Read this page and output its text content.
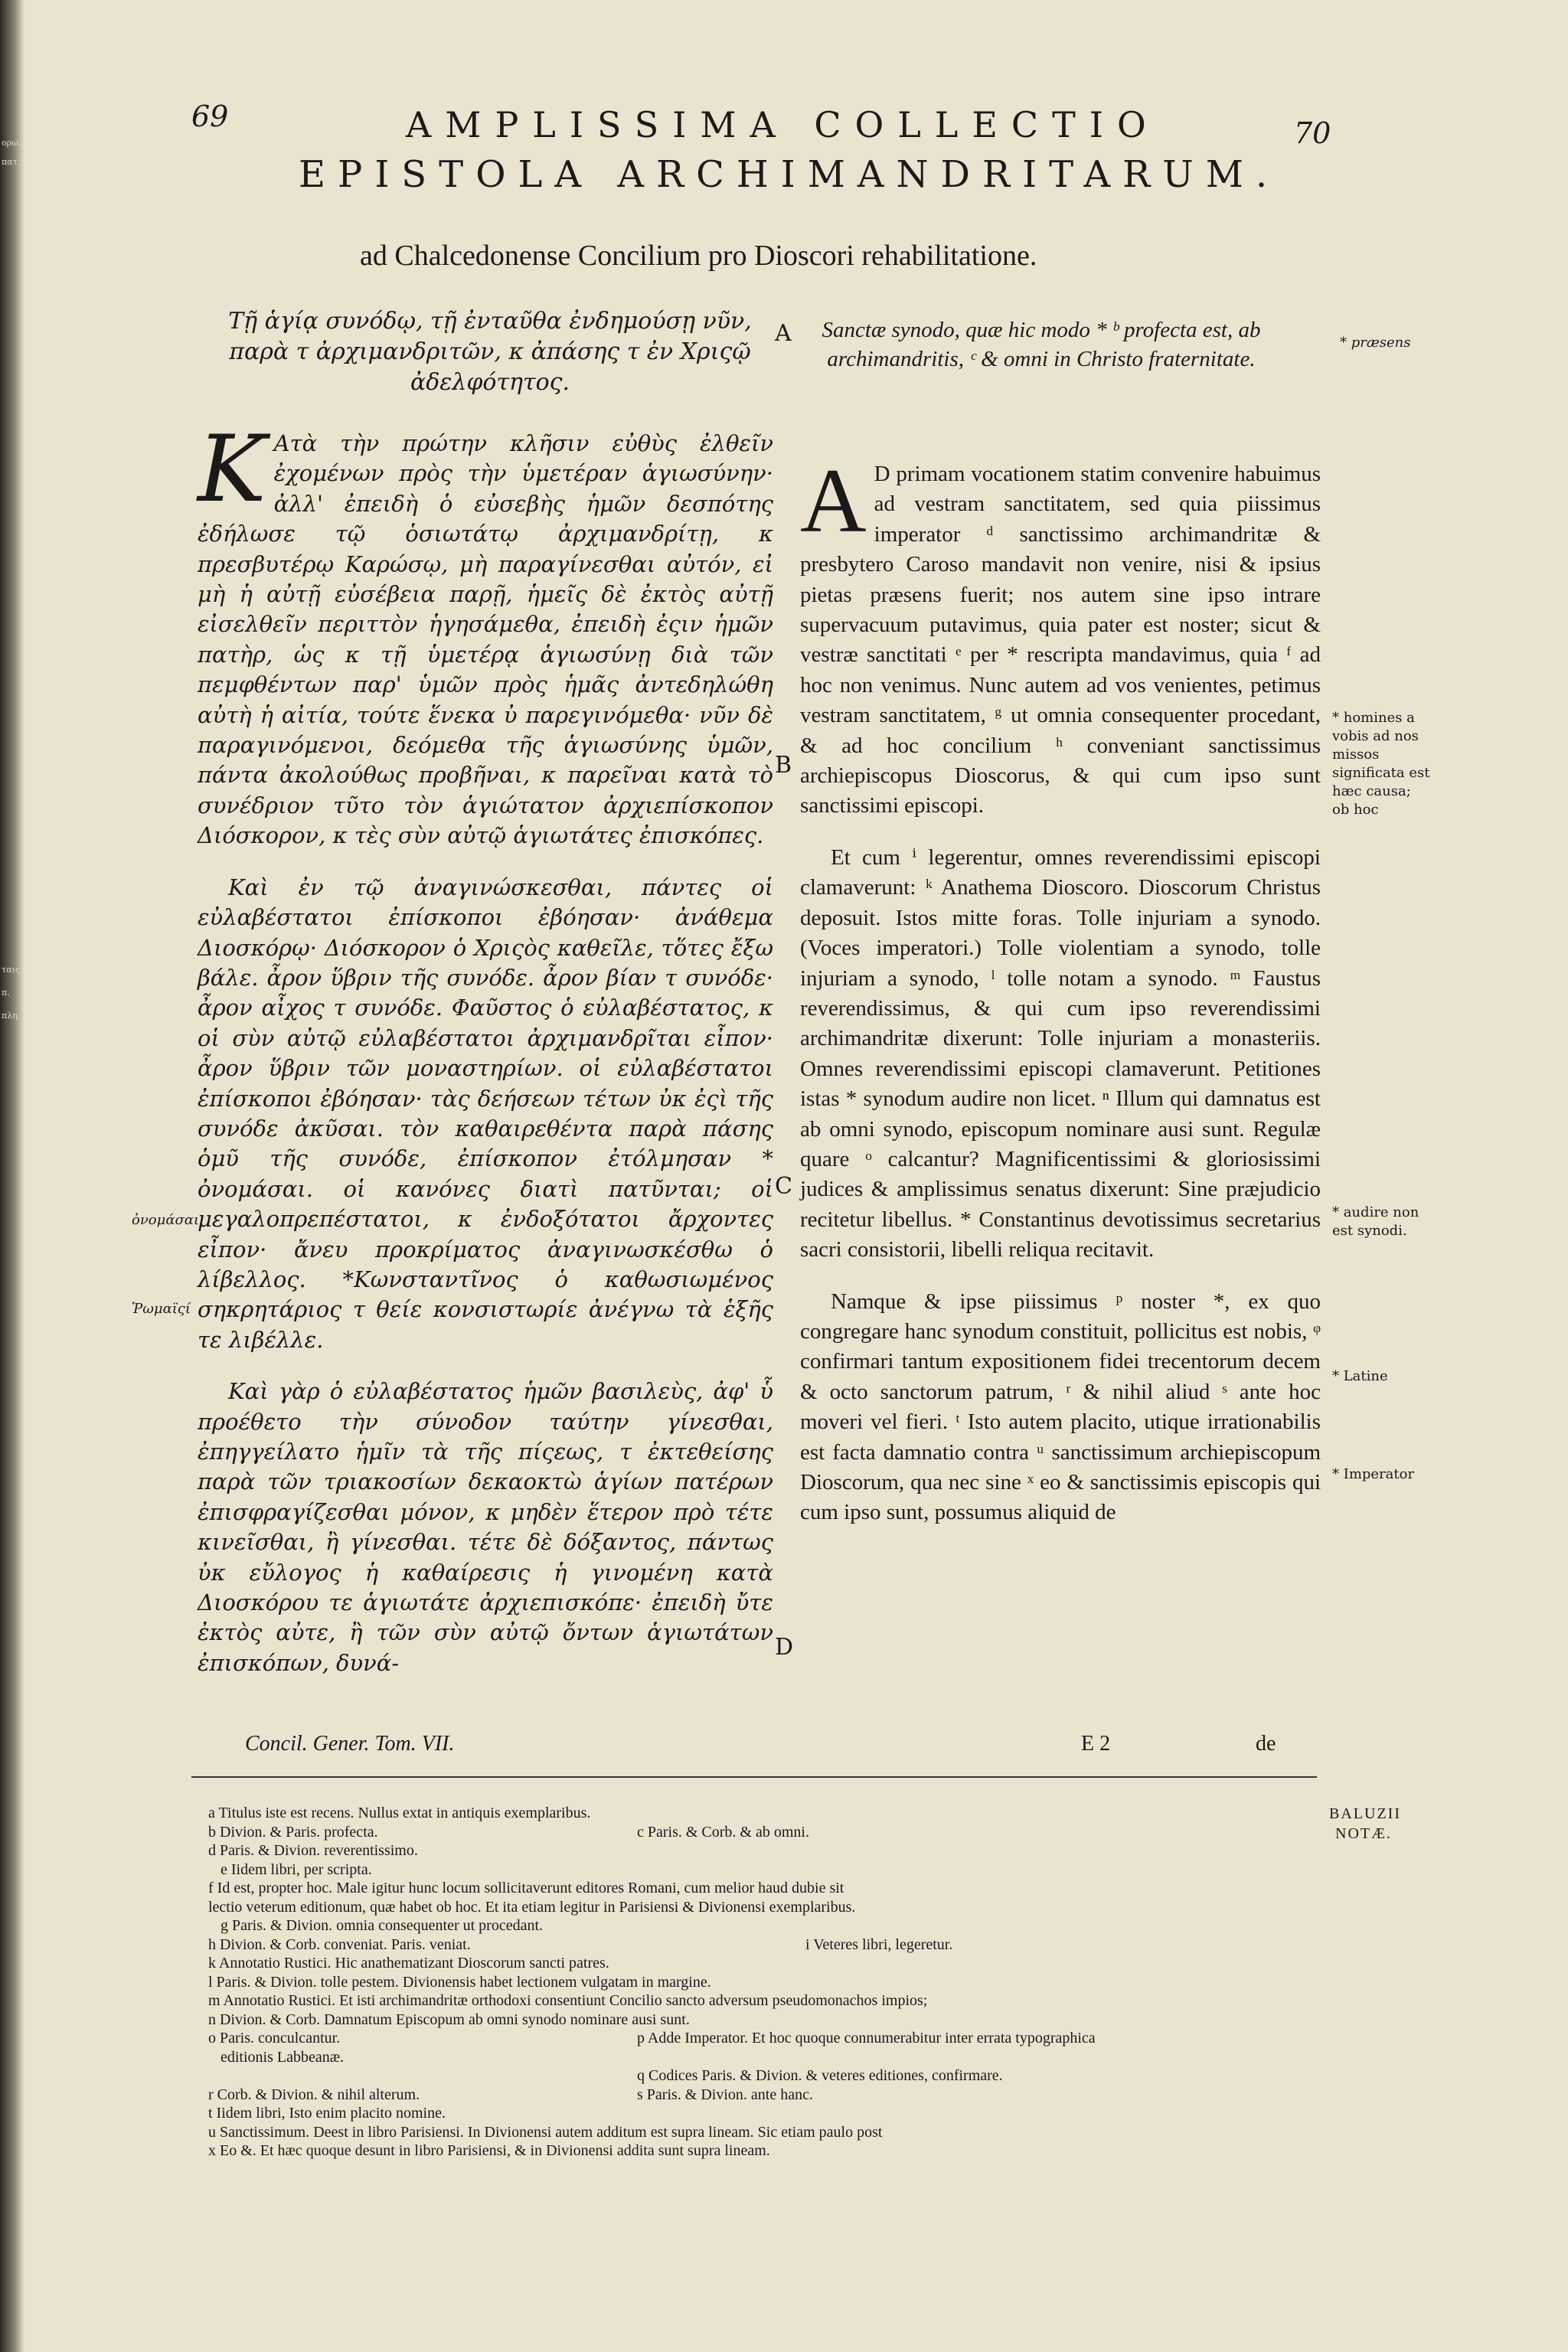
ορω.
πατ.]
ταις
π.
πλη.
69	AMPLISSIMA COLLECTIO	70
EPISTOLA ARCHIMANDRITARUM.
ad Chalcedonense Concilium pro Dioscori rehabilitatione.
Τῇ ἁγίᾳ συνόδῳ, τῇ ἐνταῦθα ἐνδημούσῃ νῦν, παρὰ τ ἀρχιμανδριτῶν, κ ἀπάσης τ ἐν Χριςῷ ἀδελφότητος.
A	Sanctæ synodo, quæ hic modo * ᵇ profecta est, ab archimandritis, ᶜ & omni in Christo fraternitate.
* præsens

K Ατὰ τὴν πρώτην κλῆσιν εὐθὺς ἐλθεῖν ἐχομένων πρὸς τὴν ὑμετέραν ἁγιωσύνην· ἀλλ' ἐπειδὴ ὁ εὐσεβὴς ἡμῶν δεσπότης ἐδήλωσε τῷ ὁσιωτάτῳ ἀρχιμανδρίτῃ, κ πρεσβυτέρῳ Καρώσῳ, μὴ παραγίνεσθαι αὐτόν, εἰ μὴ ἡ αὐτῇ εὐσέβεια παρῇ, ἡμεῖς δὲ ἐκτὸς αὐτῇ εἰσελθεῖν περιττὸν ἡγησάμεθα, ἐπειδὴ ἐςιν ἡμῶν πατὴρ, ὡς κ τῇ ὑμετέρᾳ ἁγιωσύνῃ διὰ τῶν πεμφθέντων παρ' ὑμῶν πρὸς ἡμᾶς ἀντεδηλώθη αὐτὴ ἡ αἰτία, τούτε ἕνεκα ὐ παρεγινόμεθα· νῦν δὲ παραγινόμενοι, δεόμεθα τῆς ἁγιωσύνης ὑμῶν, πάντα ἀκολούθως προβῆναι, κ παρεῖναι κατὰ τὸ συνέδριον τῦτο τὸν ἁγιώτατον ἀρχιεπίσκοπον Διόσκορον, κ τὲς σὺν αὐτῷ ἁγιωτάτες ἐπισκόπες.

Καὶ ἐν τῷ ἀναγινώσκεσθαι, πάντες οἱ εὐλαβέστατοι ἐπίσκοποι ἐβόησαν· ἀνάθεμα Διοσκόρῳ· Διόσκορον ὁ Χριςὸς καθεῖλε, τὅτες ἔξω βάλε. ἆρον ὕβριν τῆς συνόδε. ἆρον βίαν τ συνόδε· ἆρον αἶχος τ συνόδε. Φαῦστος ὁ εὐλαβέστατος, κ οἱ σὺν αὐτῷ εὐλαβέστατοι ἀρχιμανδρῖται εἶπον· ἆρον ὕβριν τῶν μοναστηρίων. οἱ εὐλαβέστατοι ἐπίσκοποι ἐβόησαν· τὰς δεήσεων τέτων ὐκ ἐςὶ τῆς συνόδε ἀκῦσαι. τὸν καθαιρεθέντα παρὰ πάσης ὁμῦ τῆς συνόδε, ἐπίσκοπον ἐτόλμησαν * ὀνομάσαι. οἱ κανόνες διατὶ πατῦνται; οἱ μεγαλοπρεπέστατοι, κ ἐνδοξότατοι ἄρχοντες εἶπον· ἄνευ προκρίματος ἀναγινωσκέσθω ὁ λίβελλος. *Κωνσταντῖνος ὁ καθωσιωμένος σηκρητάριος τ θείε κονσιστωρίε ἀνέγνω τὰ ἑξῆς τε λιβέλλε.

Καὶ γὰρ ὁ εὐλαβέστατος ἡμῶν βασιλεὺς, ἀφ' ὗ προέθετο τὴν σύνοδον ταύτην γίνεσθαι, ἐπηγγείλατο ἡμῖν τὰ τῆς πίςεως, τ ἐκτεθείσης παρὰ τῶν τριακοσίων δεκαοκτὼ ἁγίων πατέρων ἐπισφραγίζεσθαι μόνον, κ μηδὲν ἕτερον πρὸ τέτε κινεῖσθαι, ἢ γίνεσθαι. τέτε δὲ δόξαντος, πάντως ὐκ εὔλογος ἡ καθαίρεσις ἡ γινομένη κατὰ Διοσκόρου τε ἁγιωτάτε ἀρχιεπισκόπε· ἐπειδὴ ὔτε ἐκτὸς αὐτε, ἢ τῶν σὺν αὐτῷ ὄντων ἁγιωτάτων ἐπισκόπων, δυνά-

B
C
D

A D primam vocationem statim convenire habuimus ad vestram sanctitatem, sed quia piissimus imperator ᵈ sanctissimo archimandritæ & presbytero Caroso mandavit non venire, nisi & ipsius pietas præsens fuerit; nos autem sine ipso intrare supervacuum putavimus, quia pater est noster; sicut & vestræ sanctitati ᵉ per * rescripta mandavimus, quia ᶠ ad hoc non venimus. Nunc autem ad vos venientes, petimus vestram sanctitatem, ᵍ ut omnia consequenter procedant, & ad hoc concilium ʰ conveniant sanctissimus archiepiscopus Dioscorus, & qui cum ipso sunt sanctissimi episcopi.

Et cum ⁱ legerentur, omnes reverendissimi episcopi clamaverunt: ᵏ Anathema Dioscoro. Dioscorum Christus deposuit. Istos mitte foras. Tolle injuriam a synodo. (Voces imperatori.) Tolle violentiam a synodo, tolle injuriam a synodo, ˡ tolle notam a synodo. ᵐ Faustus reverendissimus, & qui cum ipso reverendissimi archimandritæ dixerunt: Tolle injuriam a monasteriis. Omnes reverendissimi episcopi clamaverunt. Petitiones istas * synodum audire non licet. ⁿ Illum qui damnatus est ab omni synodo, episcopum nominare ausi sunt. Regulæ quare ᵒ calcantur? Magnificentissimi & gloriosissimi judices & amplissimus senatus dixerunt: Sine præjudicio recitetur libellus. * Constantinus devotissimus secretarius sacri consistorii, libelli reliqua recitavit.

Namque & ipse piissimus ᵖ noster *, ex quo congregare hanc synodum constituit, pollicitus est nobis, ᵠ confirmari tantum expositionem fidei trecentorum decem & octo sanctorum patrum, ʳ & nihil aliud ˢ ante hoc moveri vel fieri. ᵗ Isto autem placito, utique irrationabilis est facta damnatio contra ᵘ sanctissimum archiepiscopum Dioscorum, qua nec sine ˣ eo & sanctissimis episcopis qui cum ipso sunt, possumus aliquid de

* homines a vobis ad nos missos significata est hæc causa; ob hoc
* audire non est synodi.
* Latine
* Imperator
ὀνομάσαι
Ῥωμαϊςί
Concil. Gener. Tom. VII.	E 2	de
a Titulus iste est recens. Nullus extat in antiquis exemplaribus.
b Divion. & Paris. profecta.	c Paris. & Corb. & ab omni.
d Paris. & Divion. reverentissimo.
e Iidem libri, per scripta.
f Id est, propter hoc. Male igitur hunc locum sollicitaverunt editores Romani, cum melior haud dubie sit
lectio veterum editionum, quæ habet ob hoc. Et ita etiam legitur in Parisiensi & Divionensi exemplaribus.
g Paris. & Divion. omnia consequenter ut procedant.
h Divion. & Corb. conveniat. Paris. veniat.	i Veteres libri, legeretur.
k Annotatio Rustici. Hic anathematizant Dioscorum sancti patres.
l Paris. & Divion. tolle pestem. Divionensis habet lectionem vulgatam in margine.
m Annotatio Rustici. Et isti archimandritæ orthodoxi consentiunt Concilio sancto adversum pseudomonachos impios;
n Divion. & Corb. Damnatum Episcopum ab omni synodo nominare ausi sunt.
o Paris. conculcantur.	p Adde Imperator. Et hoc quoque connumerabitur inter errata typographica
editionis Labbeanæ.
q Codices Paris. & Divion. & veteres editiones, confirmare.
r Corb. & Divion. & nihil alterum.	s Paris. & Divion. ante hanc.
t Iidem libri, Isto enim placito nomine.
u Sanctissimum. Deest in libro Parisiensi. In Divionensi autem additum est supra lineam. Sic etiam paulo post
x Eo &. Et hæc quoque desunt in libro Parisiensi, & in Divionensi addita sunt supra lineam.
BALUZII NOTÆ.
